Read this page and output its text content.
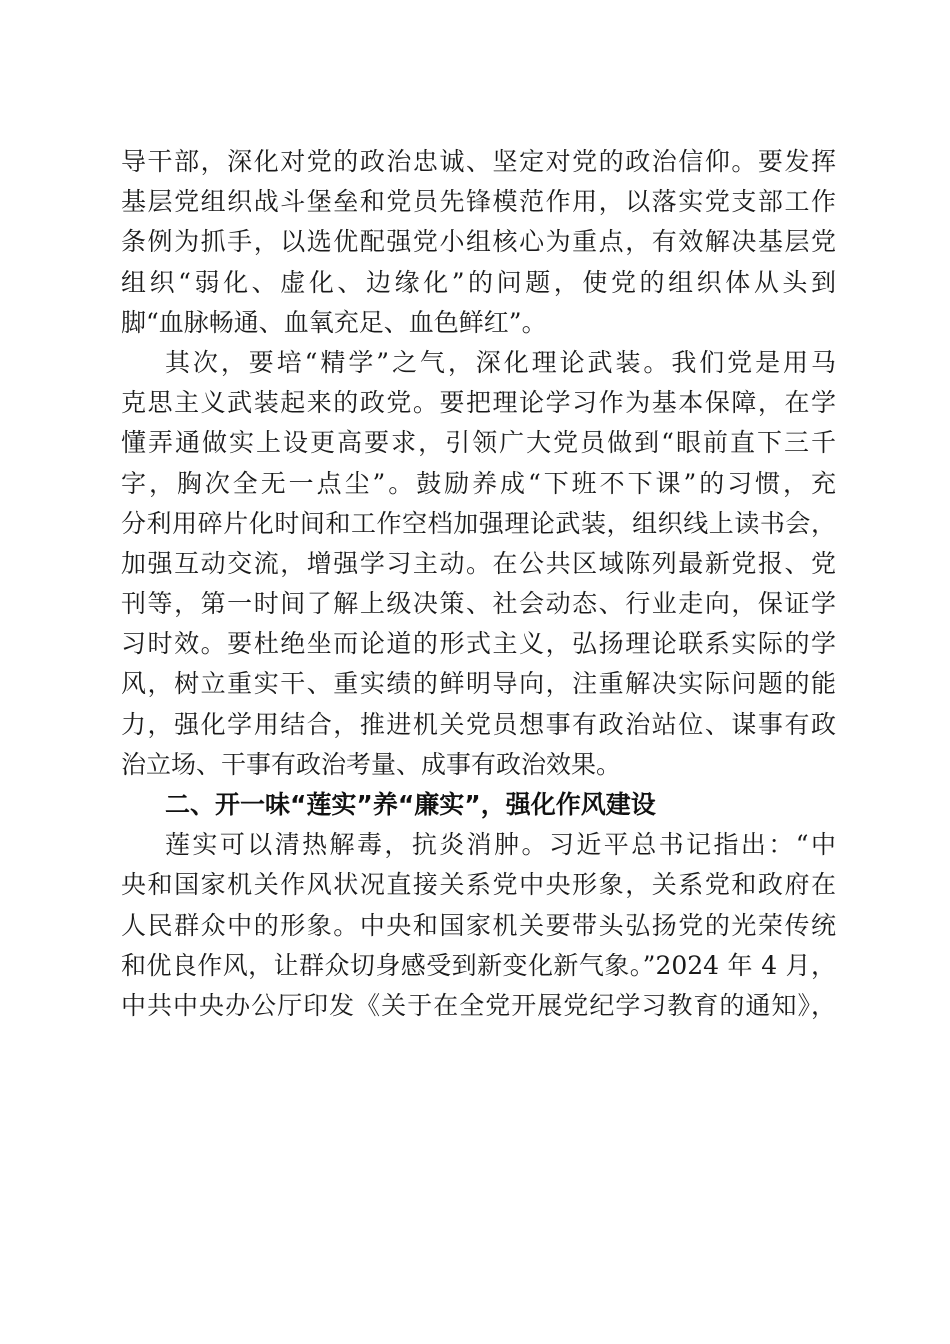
导干部，深化对党的政治忠诚、坚定对党的政治信仰。要发挥
基层党组织战斗堡垒和党员先锋模范作用，以落实党支部工作
条例为抓手，以选优配强党小组核心为重点，有效解决基层党
组织“弱化、虚化、边缘化”的问题，使党的组织体从头到
脚“血脉畅通、血氧充足、血色鲜红”。
其次，要培“精学”之气，深化理论武装。我们党是用马
克思主义武装起来的政党。要把理论学习作为基本保障，在学
懂弄通做实上设更高要求，引领广大党员做到“眼前直下三千
字，胸次全无一点尘”。鼓励养成“下班不下课”的习惯，充
分利用碎片化时间和工作空档加强理论武装，组织线上读书会，
加强互动交流，增强学习主动。在公共区域陈列最新党报、党
刊等，第一时间了解上级决策、社会动态、行业走向，保证学
习时效。要杜绝坐而论道的形式主义，弘扬理论联系实际的学
风，树立重实干、重实绩的鲜明导向，注重解决实际问题的能
力，强化学用结合，推进机关党员想事有政治站位、谋事有政
治立场、干事有政治考量、成事有政治效果。
二、开一味“莲实”养“廉实”，强化作风建设
莲实可以清热解毒，抗炎消肿。习近平总书记指出：“中
央和国家机关作风状况直接关系党中央形象，关系党和政府在
人民群众中的形象。中央和国家机关要带头弘扬党的光荣传统
和优良作风，让群众切身感受到新变化新气象。”2024 年 4 月，
中共中央办公厅印发《关于在全党开展党纪学习教育的通知》，
